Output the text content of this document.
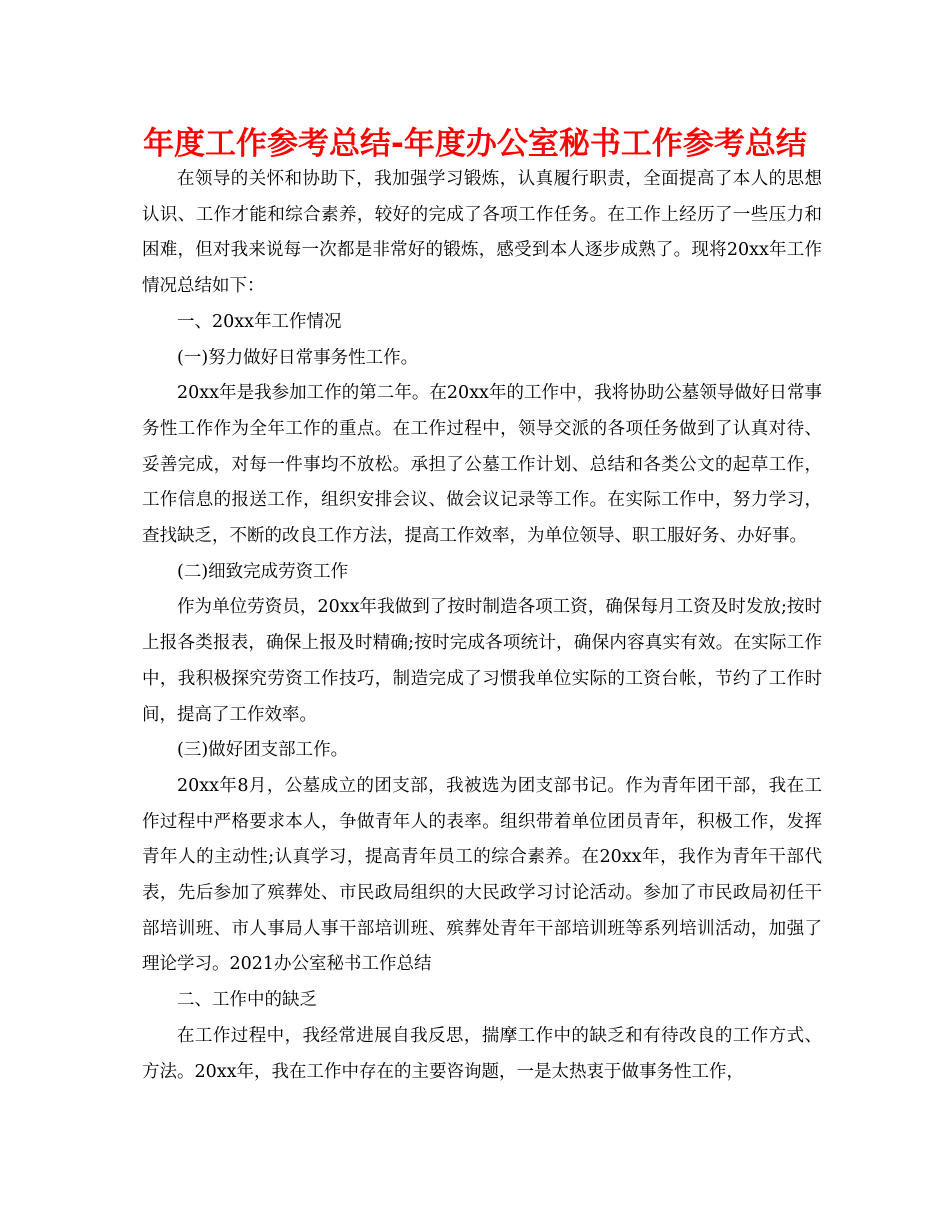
年度工作参考总结-年度办公室秘书工作参考总结

在领导的关怀和协助下，我加强学习锻炼，认真履行职责，全面提高了本人的思想认识、工作才能和综合素养，较好的完成了各项工作任务。在工作上经历了一些压力和困难，但对我来说每一次都是非常好的锻炼，感受到本人逐步成熟了。现将20xx年工作情况总结如下：

一、20xx年工作情况

(一)努力做好日常事务性工作。

20xx年是我参加工作的第二年。在20xx年的工作中，我将协助公墓领导做好日常事务性工作作为全年工作的重点。在工作过程中，领导交派的各项任务做到了认真对待、妥善完成，对每一件事均不放松。承担了公墓工作计划、总结和各类公文的起草工作，工作信息的报送工作，组织安排会议、做会议记录等工作。在实际工作中，努力学习，查找缺乏，不断的改良工作方法，提高工作效率，为单位领导、职工服好务、办好事。

(二)细致完成劳资工作

作为单位劳资员，20xx年我做到了按时制造各项工资，确保每月工资及时发放;按时上报各类报表，确保上报及时精确;按时完成各项统计，确保内容真实有效。在实际工作中，我积极探究劳资工作技巧，制造完成了习惯我单位实际的工资台帐，节约了工作时间，提高了工作效率。

(三)做好团支部工作。

20xx年8月，公墓成立的团支部，我被选为团支部书记。作为青年团干部，我在工作过程中严格要求本人，争做青年人的表率。组织带着单位团员青年，积极工作，发挥青年人的主动性;认真学习，提高青年员工的综合素养。在20xx年，我作为青年干部代表，先后参加了殡葬处、市民政局组织的大民政学习讨论活动。参加了市民政局初任干部培训班、市人事局人事干部培训班、殡葬处青年干部培训班等系列培训活动，加强了理论学习。2021办公室秘书工作总结

二、工作中的缺乏

在工作过程中，我经常进展自我反思，揣摩工作中的缺乏和有待改良的工作方式、方法。20xx年，我在工作中存在的主要咨询题，一是太热衷于做事务性工作，
